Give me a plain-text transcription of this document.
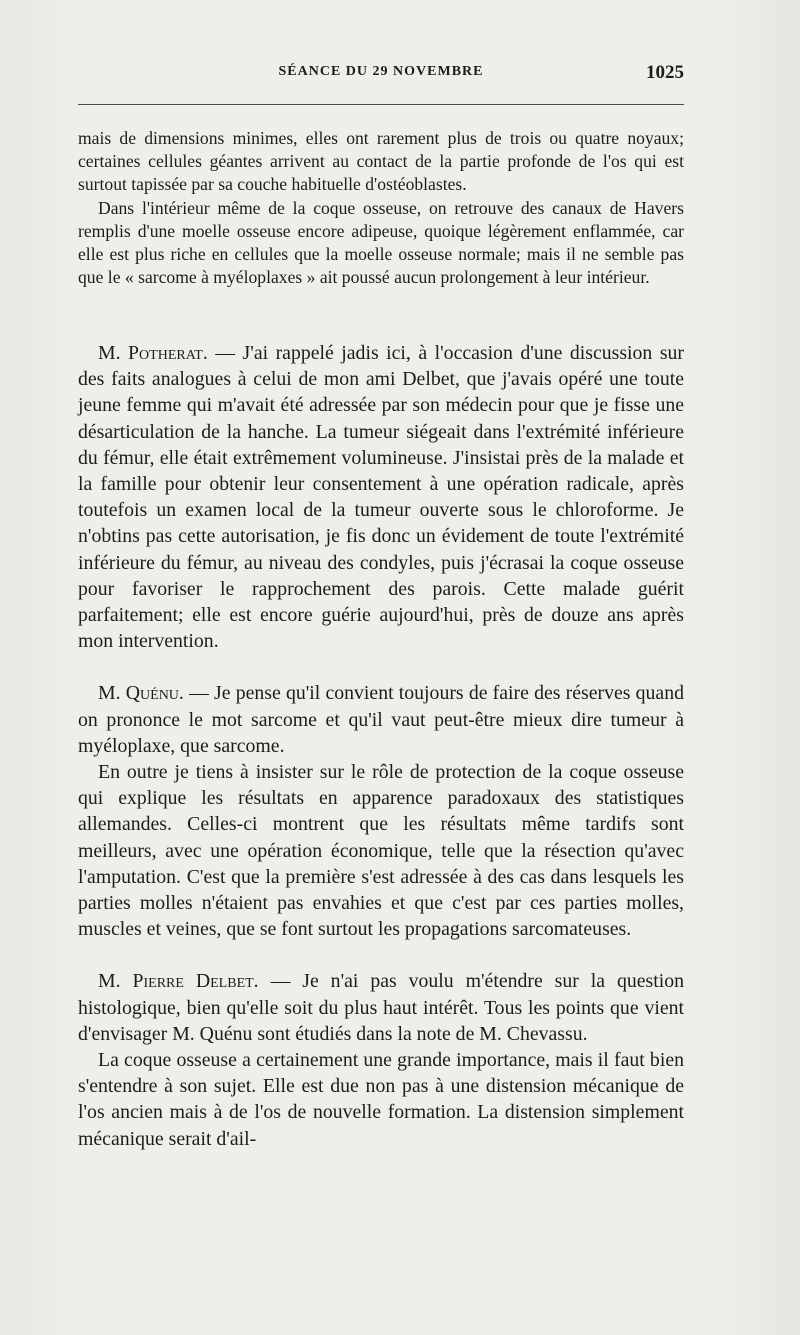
SÉANCE DU 29 NOVEMBRE	1025

mais de dimensions minimes, elles ont rarement plus de trois ou quatre noyaux; certaines cellules géantes arrivent au contact de la partie profonde de l'os qui est surtout tapissée par sa couche habituelle d'ostéoblastes.

Dans l'intérieur même de la coque osseuse, on retrouve des canaux de Havers remplis d'une moelle osseuse encore adipeuse, quoique légèrement enflammée, car elle est plus riche en cellules que la moelle osseuse normale; mais il ne semble pas que le « sarcome à myéloplaxes » ait poussé aucun prolongement à leur intérieur.

M. Potherat. — J'ai rappelé jadis ici, à l'occasion d'une discussion sur des faits analogues à celui de mon ami Delbet, que j'avais opéré une toute jeune femme qui m'avait été adressée par son médecin pour que je fisse une désarticulation de la hanche. La tumeur siégeait dans l'extrémité inférieure du fémur, elle était extrêmement volumineuse. J'insistai près de la malade et la famille pour obtenir leur consentement à une opération radicale, après toutefois un examen local de la tumeur ouverte sous le chloroforme. Je n'obtins pas cette autorisation, je fis donc un évidement de toute l'extrémité inférieure du fémur, au niveau des condyles, puis j'écrasai la coque osseuse pour favoriser le rapprochement des parois. Cette malade guérit parfaitement; elle est encore guérie aujourd'hui, près de douze ans après mon intervention.

M. Quénu. — Je pense qu'il convient toujours de faire des réserves quand on prononce le mot sarcome et qu'il vaut peut-être mieux dire tumeur à myéloplaxe, que sarcome.

En outre je tiens à insister sur le rôle de protection de la coque osseuse qui explique les résultats en apparence paradoxaux des statistiques allemandes. Celles-ci montrent que les résultats même tardifs sont meilleurs, avec une opération économique, telle que la résection qu'avec l'amputation. C'est que la première s'est adressée à des cas dans lesquels les parties molles n'étaient pas envahies et que c'est par ces parties molles, muscles et veines, que se font surtout les propagations sarcomateuses.

M. Pierre Delbet. — Je n'ai pas voulu m'étendre sur la question histologique, bien qu'elle soit du plus haut intérêt. Tous les points que vient d'envisager M. Quénu sont étudiés dans la note de M. Chevassu.

La coque osseuse a certainement une grande importance, mais il faut bien s'entendre à son sujet. Elle est due non pas à une distension mécanique de l'os ancien mais à de l'os de nouvelle formation. La distension simplement mécanique serait d'ail-
